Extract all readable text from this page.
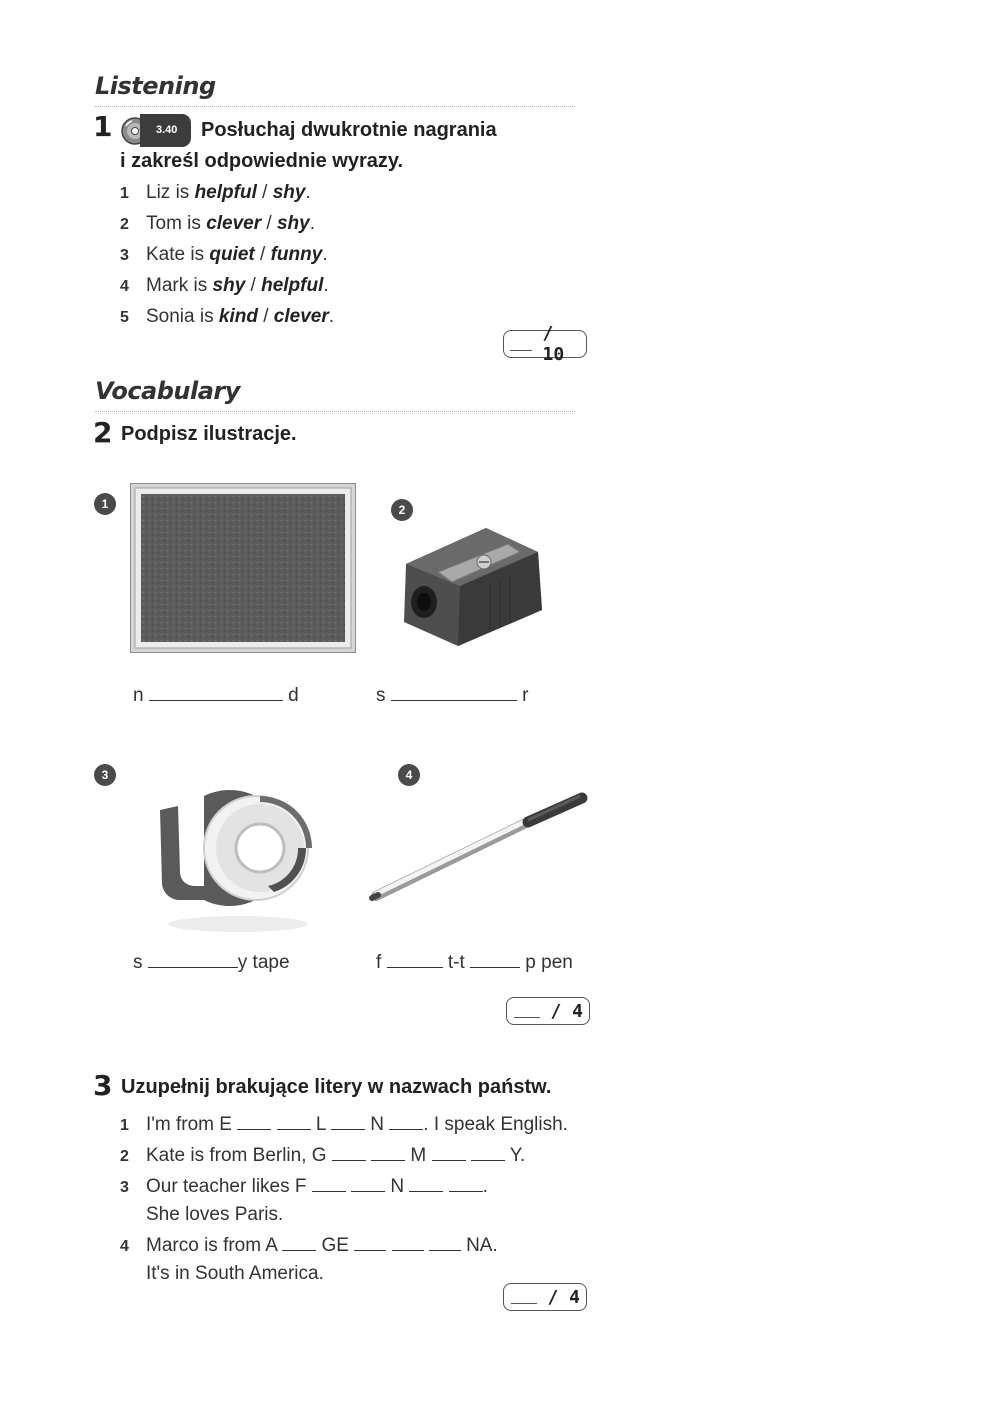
Listening
1	3.40	Posłuchaj dwukrotnie nagrania
i zakreśl odpowiednie wyrazy.
1 Liz is helpful / shy.
2 Tom is clever / shy.
3 Kate is quiet / funny.
4 Mark is shy / helpful.
5 Sonia is kind / clever.
/ 10
Vocabulary
2 Podpisz ilustracje.
1
n	d
2
s	r
3
s	y tape
4
f	t-t	p pen
/ 4
3 Uzupełnij brakujące litery w nazwach państw.
1 I'm from E	L N . I speak English.
2 Kate is from Berlin, G	M	Y.
3 Our teacher likes F	N	.
She loves Paris.
4 Marco is from A GE	NA.
It's in South America.
/ 4
